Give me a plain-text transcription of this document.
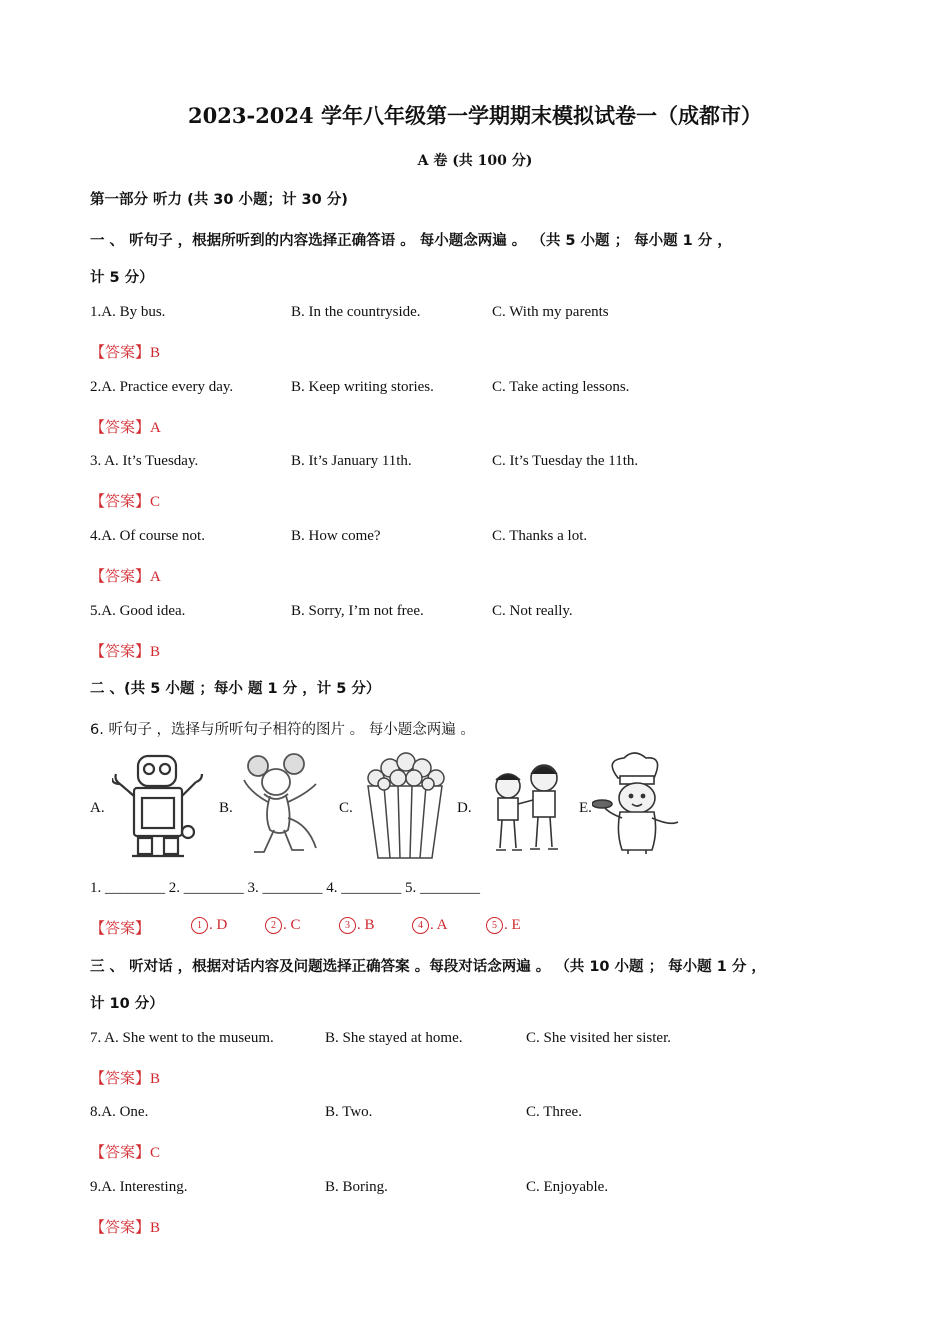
2023-2024 学年八年级第一学期期末模拟试卷一（成都市）
A 卷 (共 100 分)
第一部分 听力 (共 30 小题；计 30 分)
一 、 听句子 ，根据所听到的内容选择正确答语 。 每小题念两遍 。 （共 5 小题 ； 每小题 1 分 ，
计 5 分）
1.A. By bus.	B. In the countryside.	C. With my parents
【答案】B
2.A. Practice every day.	B. Keep writing stories.	C. Take acting lessons.
【答案】A
3. A. It’s Tuesday.	B. It’s January 11th.	C. It’s Tuesday the 11th.
【答案】C
4.A. Of course not.	B. How come?	C. Thanks a lot.
【答案】A
5.A. Good idea.	B. Sorry, I’m not free.	C. Not really.
【答案】B
二 、(共 5 小题 ；每小 题 1 分 ，计 5 分）
6. 听句子 ，选择与所听句子相符的图片 。 每小题念两遍 。
A.	B.	C.	D.	E.
1. ________ 2. ________ 3. ________ 4. ________ 5. ________
【答案】	1 . D	2 . C	3 . B	4 . A	5 . E
三 、 听对话 ，根据对话内容及问题选择正确答案 。每段对话念两遍 。 （共 10 小题 ； 每小题 1 分 ，
计 10 分）
7. A. She went to the museum.	B. She stayed at home.	C. She visited her sister.
【答案】B
8.A. One.	B. Two.	C. Three.
【答案】C
9.A. Interesting.	B. Boring.	C. Enjoyable.
【答案】B
